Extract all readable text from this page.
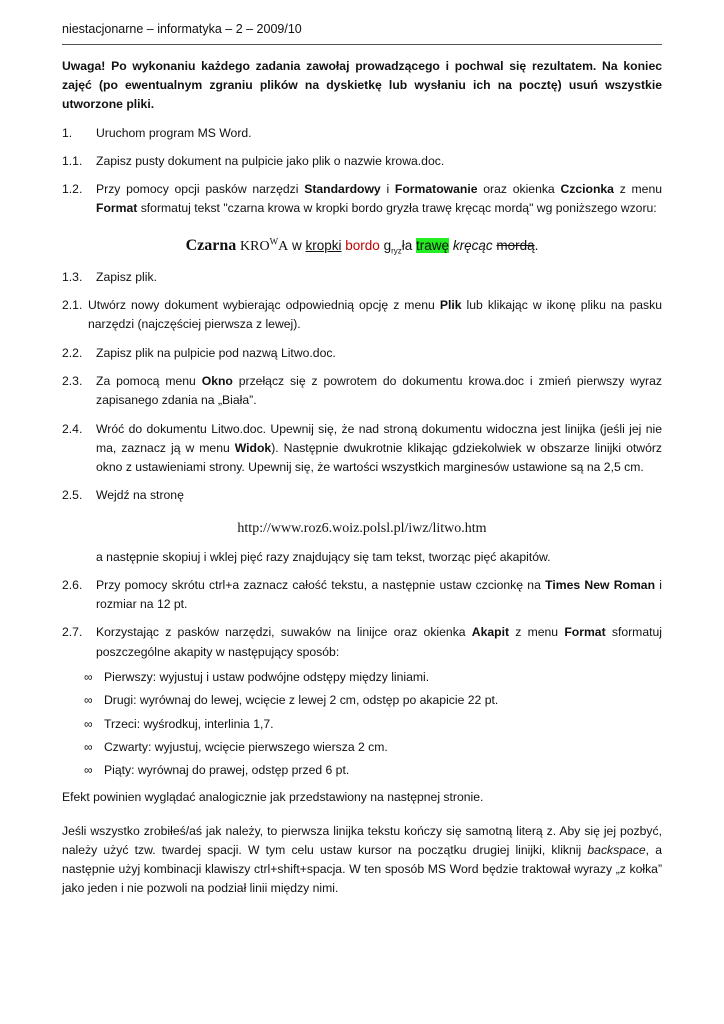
niestacjonarne – informatyka – 2 – 2009/10
Uwaga! Po wykonaniu każdego zadania zawołaj prowadzącego i pochwal się rezultatem. Na koniec zajęć (po ewentualnym zgraniu plików na dyskietkę lub wysłaniu ich na pocztę) usuń wszystkie utworzone pliki.
1. Uruchom program MS Word.
1.1. Zapisz pusty dokument na pulpicie jako plik o nazwie krowa.doc.
1.2. Przy pomocy opcji pasków narzędzi Standardowy i Formatowanie oraz okienka Czcionka z menu Format sformatuj tekst "czarna krowa w kropki bordo gryzła trawę kręcąc mordą" wg poniższego wzoru:
Czarna $KRO^WA$ w kropki bordo $g_{ryz}ła$ trawę kręcąc mordą.
1.3. Zapisz plik.
2.1. Utwórz nowy dokument wybierając odpowiednią opcję z menu Plik lub klikając w ikonę pliku na pasku narzędzi (najczęściej pierwsza z lewej).
2.2. Zapisz plik na pulpicie pod nazwą Litwo.doc.
2.3. Za pomocą menu Okno przełącz się z powrotem do dokumentu krowa.doc i zmień pierwszy wyraz zapisanego zdania na „Biała”.
2.4. Wróć do dokumentu Litwo.doc. Upewnij się, że nad stroną dokumentu widoczna jest linijka (jeśli jej nie ma, zaznacz ją w menu Widok). Następnie dwukrotnie klikając gdziekolwiek w obszarze linijki otwórz okno z ustawieniami strony. Upewnij się, że wartości wszystkich marginesów ustawione są na 2,5 cm.
2.5. Wejdź na stronę
http://www.roz6.woiz.polsl.pl/iwz/litwo.htm
a następnie skopiuj i wklej pięć razy znajdujący się tam tekst, tworząc pięć akapitów.
2.6. Przy pomocy skrótu ctrl+a zaznacz całość tekstu, a następnie ustaw czcionkę na Times New Roman i rozmiar na 12 pt.
2.7. Korzystając z pasków narzędzi, suwaków na linijce oraz okienka Akapit z menu Format sformatuj poszczególne akapity w następujący sposób:
∞ Pierwszy: wyjustuj i ustaw podwójne odstępy między liniami.
∞ Drugi: wyrównaj do lewej, wcięcie z lewej 2 cm, odstęp po akapicie 22 pt.
∞ Trzeci: wyśrodkuj, interlinia 1,7.
∞ Czwarty: wyjustuj, wcięcie pierwszego wiersza 2 cm.
∞ Piąty: wyrównaj do prawej, odstęp przed 6 pt.
Efekt powinien wyglądać analogicznie jak przedstawiony na następnej stronie.
Jeśli wszystko zrobiłeś/aś jak należy, to pierwsza linijka tekstu kończy się samotną literą z. Aby się jej pozbyć, należy użyć tzw. twardej spacji. W tym celu ustaw kursor na początku drugiej linijki, kliknij backspace, a następnie użyj kombinacji klawiszy ctrl+shift+spacja. W ten sposób MS Word będzie traktował wyrazy „z kołka” jako jeden i nie pozwoli na podział linii między nimi.
